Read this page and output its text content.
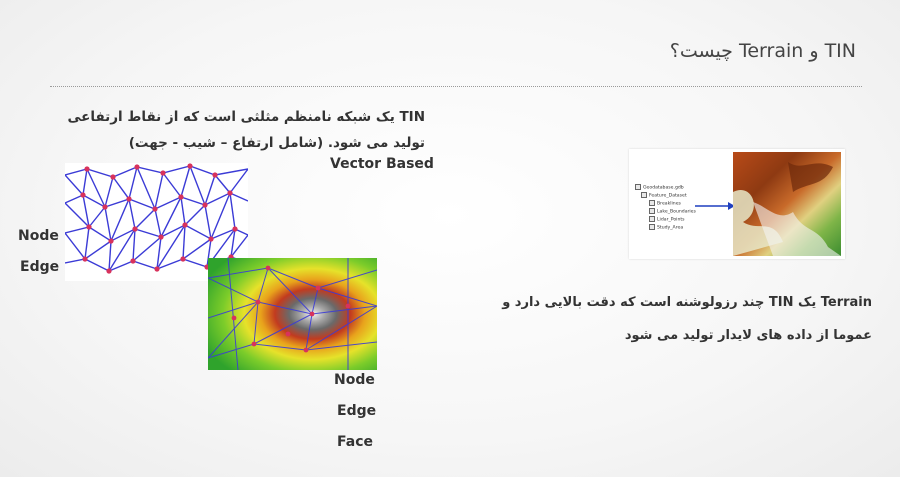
TIN و Terrain چیست؟
TIN یک شبکه نامنظم مثلثی است که از نقاط ارتفاعی تولید می شود. (شامل ارتفاع – شیب - جهت)
Vector Based
Node
Edge
Node
Edge
Face
Geodatabase.gdb
Feature_Dataset
Breaklines
Lake_Boundaries
Lidar_Points
Study_Area
Terrain یک TIN چند رزولوشنه است که دقت بالایی دارد و عموما از داده های لایدار تولید می شود
